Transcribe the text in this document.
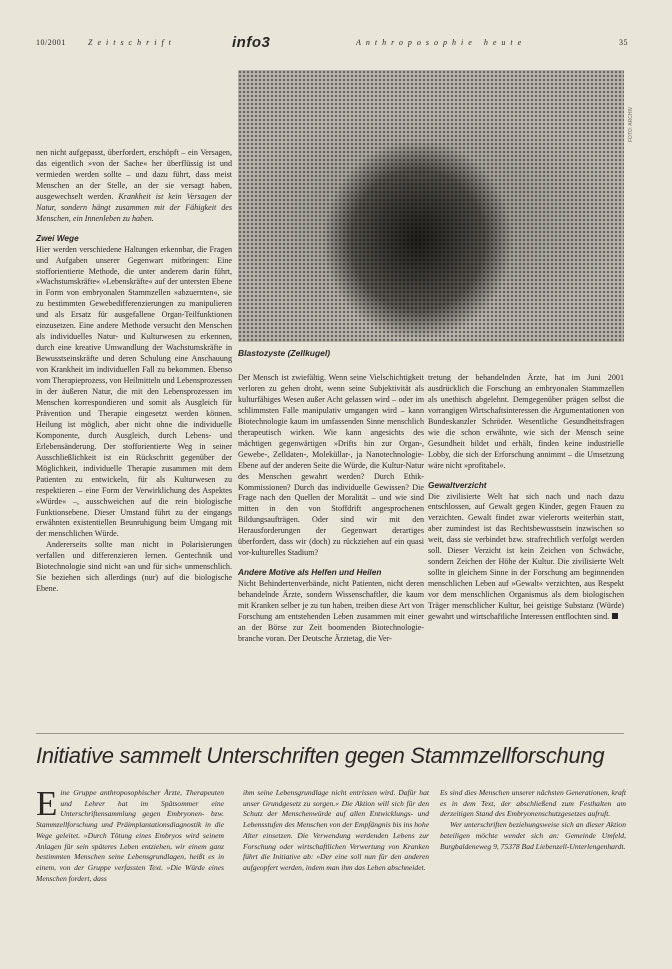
10/2001	Zeitschrift	info3	Anthroposophie heute	35
FOTO: ARCHIV
Blastozyste (Zellkugel)

nen nicht aufgepasst, überfordert, erschöpft – ein Versagen, das eigentlich »von der Sache« her überflüssig ist und vermieden werden sollte – und dazu führt, dass meist Menschen an der Stelle, an der sie versagt haben, ausgewechselt werden. Krankheit ist kein Versagen der Natur, sondern hängt zusammen mit der Fähigkeit des Menschen, ein Innenleben zu haben.

Zwei Wege

Hier werden verschiedene Haltungen erkennbar, die Fragen und Aufgaben unserer Gegenwart mitbringen: Eine stofforientierte Methode, die unter anderem darin führt, »Wachstumskräfte« »Lebenskräfte« auf der untersten Ebene in Form von embryonalen Stammzellen »abzuernten«, sie zu bestimmten Gewebedifferenzierungen zu manipulieren und als Ersatz für ausgefallene Organ-Teilfunktionen einzusetzen. Eine andere Methode versucht den Menschen als individuelles Natur- und Kulturwesen zu erkennen, durch eine kreative Umwandlung der Wachstumskräfte in Bewusstseinskräfte und deren Schulung eine Anschauung von Krankheit im individuellen Fall zu bekommen. Ebenso vom Therapieprozess, von Heilmitteln und Lebensprozessen in der äußeren Natur, die mit den Lebensprozessen im Menschen korrespondieren und somit als Ausgleich für Prävention und Therapie eingesetzt werden können. Heilung ist möglich, aber nicht ohne die individuelle Komponente, durch Ausgleich, durch Lebens- und Erlebensänderung. Der stofforientierte Weg in seiner Ausschließlichkeit ist ein Rückschritt gegenüber der Möglichkeit, individuelle Therapie zusammen mit dem Patienten zu entwickeln, für als Kulturwesen zu respektieren – eine Form der Verwirklichung des Aspektes »Würde« –, ausschweichen auf die rein biologische Funktionsebene. Dieser Umstand führt zu der eingangs erwähnten existentiellen Beunruhigung beim Umgang mit der menschlichen Würde.

Andererseits sollte man nicht in Polarisierungen verfallen und differenzieren lernen. Gentechnik und Biotechnologie sind nicht »an und für sich« unmenschlich. Sie beziehen sich allerdings (nur) auf die biologische Ebene.

Der Mensch ist zwiefältig. Wenn seine Vielschichtigkeit verloren zu gehen droht, wenn seine Subjektivität als kulturfähiges Wesen außer Acht gelassen wird – oder im schlimmsten Falle manipulativ umgangen wird – kann Biotechnologie kaum im umfassenden Sinne menschlich therapeutisch wirken. Wie kann angesichts des mächtigen gegenwärtigen »Drifts hin zur Organ-, Gewebe-, Zelldaten-, Moleküllar-, ja Nanotechnologie-Ebene auf der anderen Seite die Würde, die Kultur-Natur des Menschen gewahrt werden? Durch Ethik-Kommissionen? Durch das individuelle Gewissen? Die Frage nach den Quellen der Moralität – und wie sind mitten in den von Stoffdrift angesprochenen Bildungsaufträgen. Oder sind wir mit den Herausforderungen der Gegenwart derartiges überfordert, dass wir (doch) zu rückziehen auf ein quasi vor-kulturelles Stadium?

Andere Motive als Helfen und Heilen

Nicht Behindertenverbände, nicht Patienten, nicht deren behandelnde Ärzte, sondern Wissenschaftler, die kaum mit Kranken selber je zu tun haben, treiben diese Art von Forschung am entstehenden Leben zusammen mit einer an der Börse zur Zeit boomenden Biotechnologie-branche voran. Der Deutsche Ärztetag, die Ver-

tretung der behandelnden Ärzte, hat im Juni 2001 ausdrücklich die Forschung an embryonalen Stammzellen als unethisch abgelehnt. Demgegenüber prägen selbst die vorrangigen Wirtschaftsinteressen die Argumentationen von Bundeskanzler Schröder. Wesentliche Gesundheitsfragen wie die schon erwähnte, wie sich der Mensch seine Gesundheit bildet und erhält, finden keine industrielle Lobby, die sich der Erforschung annimmt – die Umsetzung wäre nicht »profitabel«.

Gewaltverzicht

Die zivilisierte Welt hat sich nach und nach dazu entschlossen, auf Gewalt gegen Kinder, gegen Frauen zu verzichten. Gewalt findet zwar vielerorts weiterhin statt, aber zumindest ist das Rechtsbewusstsein inzwischen so weit, dass sie verbindet bzw. strafrechtlich verfolgt werden soll. Dieser Verzicht ist kein Zeichen von Schwäche, sondern Zeichen der Höhe der Kultur. Die zivilisierte Welt sollte in gleichem Sinne in der Forschung am beginnenden menschlichen Leben auf »Gewalt« verzichten, aus Respekt vor dem menschlichen Organismus als dem biologischen Träger menschlicher Kultur, bei geistige Substanz (Würde) gewahrt und wirtschaftliche Interessen entflochten sind.

Initiative sammelt Unterschriften gegen Stammzellforschung

Eine Gruppe anthroposophischer Ärzte, Therapeuten und Lehrer hat im Spätsommer eine Unterschriftensammlung gegen Embryonen- bzw. Stammzellforschung und Präimplantationsdiagnostik in die Wege geleitet. »Durch Tötung eines Embryos wird seinem Anlagen für sein späteres Leben entziehen, wir einem ganz bestimmten Menschen seine Lebensgrundlagen, heißt es in einem, von der Gruppe verfassten Text. »Die Würde eines Menschen fordert, dass

ihm seine Lebensgrundlage nicht entrissen wird. Dafür hat unser Grundgesetz zu sorgen.« Die Aktion will sich für den Schutz der Menschenwürde auf allen Entwicklungs- und Lebensstufen des Menschen von der Empfängnis bis ins hohe Alter einsetzen. Die Verwendung werdenden Lebens zur Forschung oder wirtschaftlichen Verwertung von Kranken führt die Initiative ab: »Der eine soll nun für den anderen aufgeopfert werden, indem man ihm das Leben abschneidet.

Es sind dies Menschen unserer nächsten Generationen, kraft es in dem Text, der abschließend zum Festhalten am derzeitigen Stand des Embryonenschutzgesetzes aufruft.

Wer unterschriften beziehungsweise sich an dieser Aktion beteiligen möchte wendet sich an: Gemeinde Umfeld, Burgbaldeneweg 9, 75378 Bad Liebenzell-Unterlengenhardt.
